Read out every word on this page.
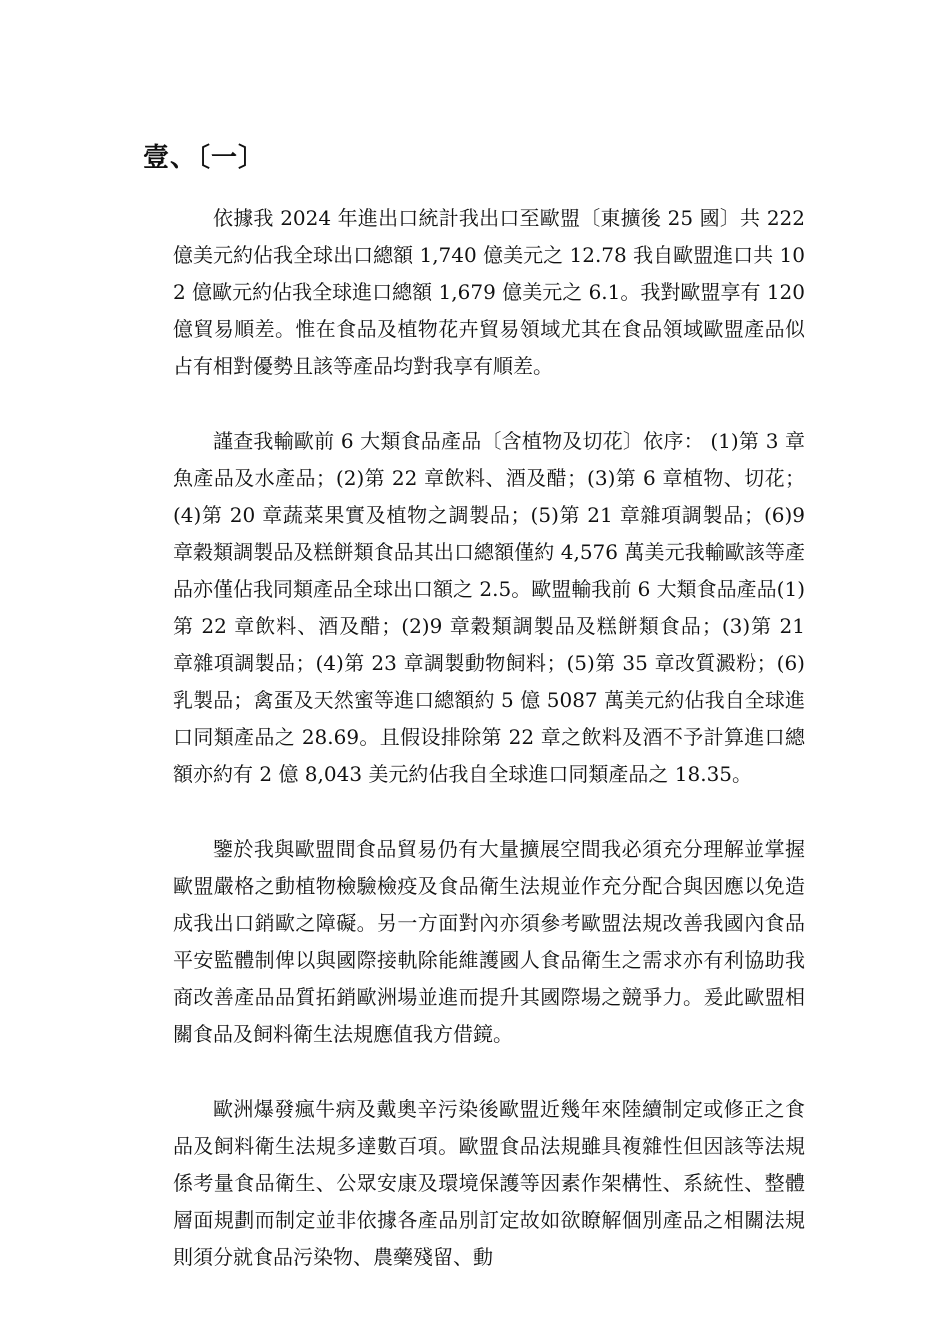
壹、〔一〕

依據我 2024 年進出口統計我出口至歐盟〔東擴後 25 國〕共 222 億美元約佔我全球出口總額 1,740 億美元之 12.78 我自歐盟進口共 102 億歐元約佔我全球進口總額 1,679 億美元之 6.1。我對歐盟享有 120 億貿易順差。惟在食品及植物花卉貿易領域尤其在食品領域歐盟產品似占有相對優勢且該等產品均對我享有順差。

謹查我輸歐前 6 大類食品產品〔含植物及切花〕依序： (1)第 3 章魚產品及水產品；(2)第 22 章飲料、酒及醋；(3)第 6 章植物、切花；(4)第 20 章蔬菜果實及植物之調製品；(5)第 21 章雜項調製品；(6)9 章穀類調製品及糕餅類食品其出口總額僅約 4,576 萬美元我輸歐該等產品亦僅佔我同類產品全球出口額之 2.5。歐盟輸我前 6 大類食品產品(1)第 22 章飲料、酒及醋；(2)9 章穀類調製品及糕餅類食品；(3)第 21 章雜項調製品；(4)第 23 章調製動物飼料；(5)第 35 章改質澱粉；(6)乳製品；禽蛋及天然蜜等進口總額約 5 億 5087 萬美元約佔我自全球進口同類產品之 28.69。且假设排除第 22 章之飲料及酒不予計算進口總額亦約有 2 億 8,043 美元約佔我自全球進口同類產品之 18.35。

鑒於我與歐盟間食品貿易仍有大量擴展空間我必須充分理解並掌握歐盟嚴格之動植物檢驗檢疫及食品衛生法規並作充分配合與因應以免造成我出口銷歐之障礙。另一方面對內亦須參考歐盟法規改善我國內食品平安監體制俾以與國際接軌除能維護國人食品衛生之需求亦有利協助我商改善產品品質拓銷歐洲場並進而提升其國際場之競爭力。爰此歐盟相關食品及飼料衛生法規應值我方借鏡。

歐洲爆發瘋牛病及戴奧辛污染後歐盟近幾年來陸續制定或修正之食品及飼料衛生法規多達數百項。歐盟食品法規雖具複雜性但因該等法規係考量食品衛生、公眾安康及環境保護等因素作架構性、系統性、整體層面規劃而制定並非依據各產品別訂定故如欲瞭解個別產品之相關法規則須分就食品污染物、農藥殘留、動
